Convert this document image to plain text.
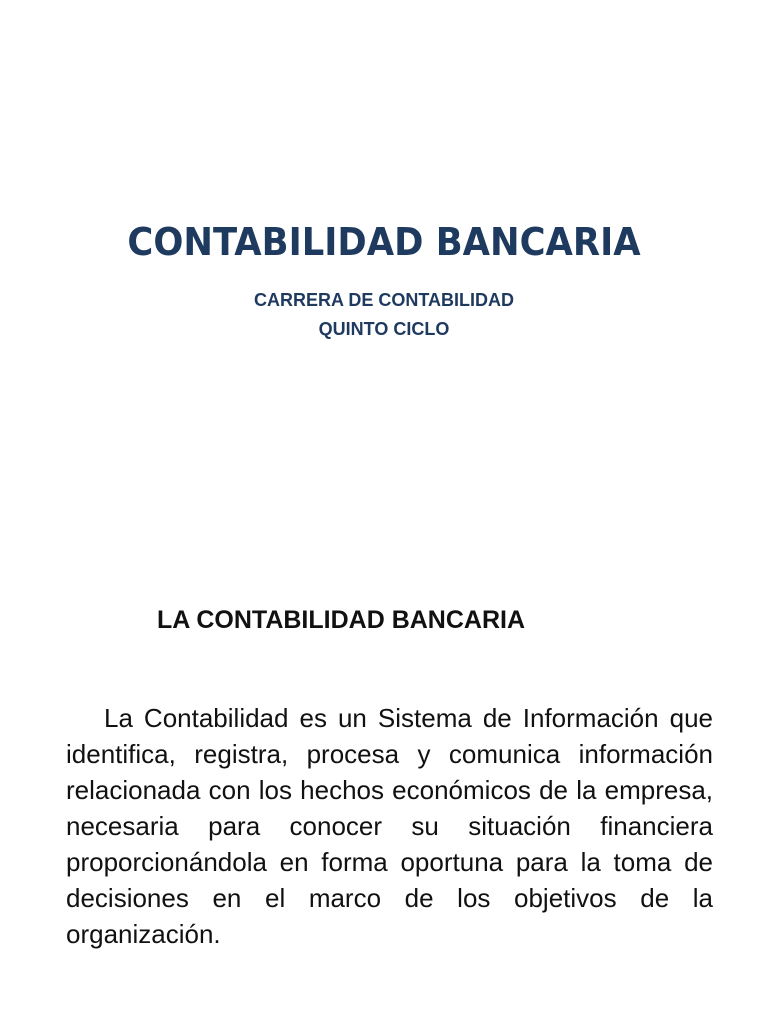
CONTABILIDAD BANCARIA

CARRERA DE CONTABILIDAD

QUINTO CICLO

LA CONTABILIDAD BANCARIA

La Contabilidad es un Sistema de Información que identifica, registra, procesa y comunica información relacionada con los hechos económicos de la empresa, necesaria para conocer su situación financiera proporcionándola en forma oportuna para la toma de decisiones en el marco de los objetivos de la organización.
